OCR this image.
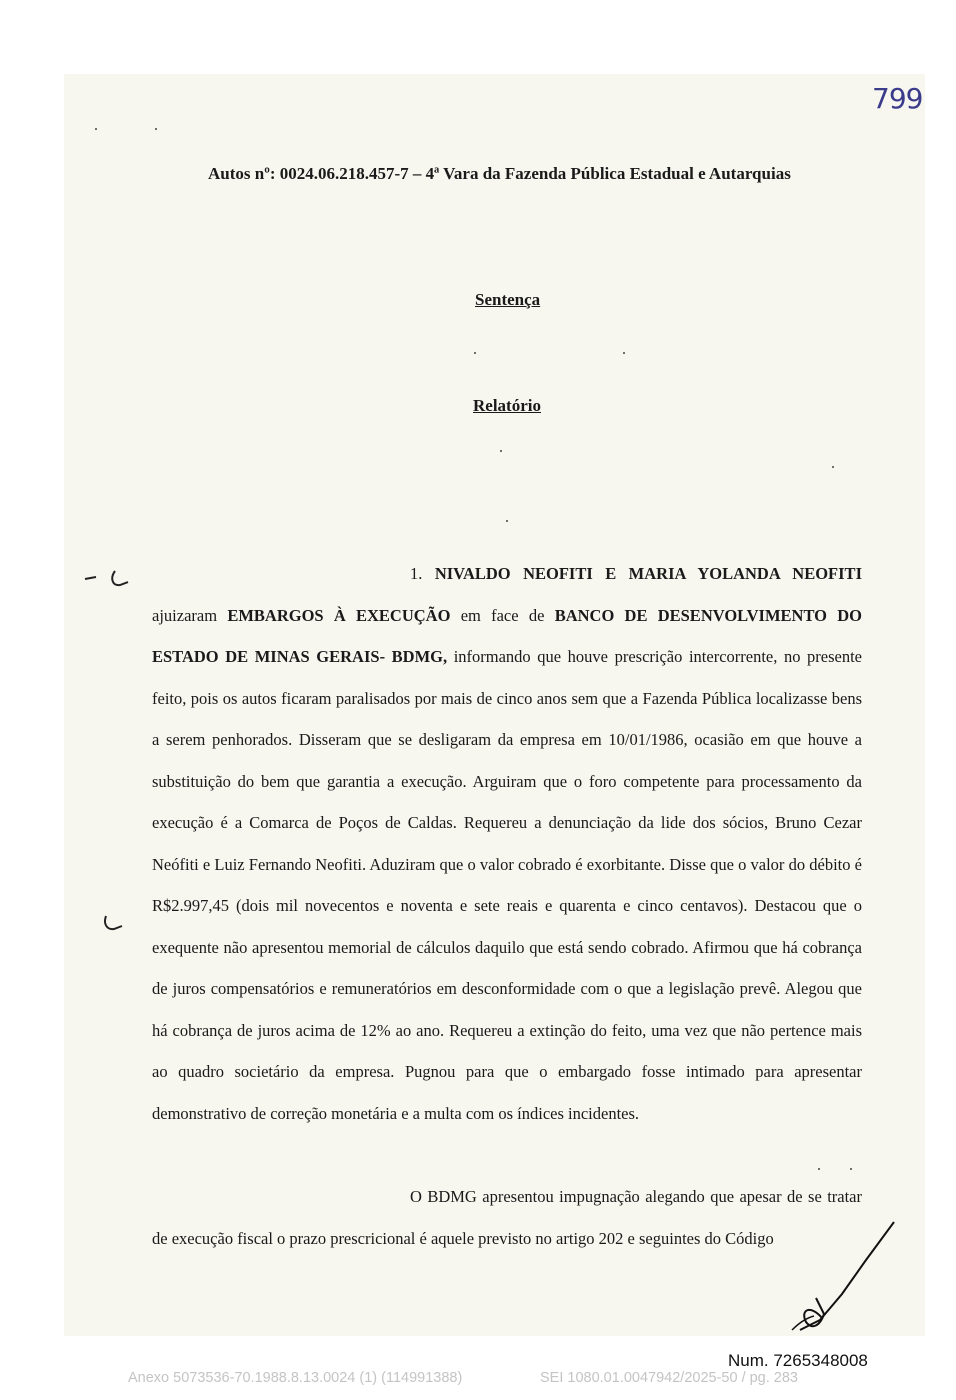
799
Autos nº: 0024.06.218.457-7 – 4ª Vara da Fazenda Pública Estadual e Autarquias
Sentença
Relatório

1. NIVALDO NEOFITI E MARIA YOLANDA NEOFITI ajuizaram EMBARGOS À EXECUÇÃO em face de BANCO DE DESENVOLVIMENTO DO ESTADO DE MINAS GERAIS- BDMG, informando que houve prescrição intercorrente, no presente feito, pois os autos ficaram paralisados por mais de cinco anos sem que a Fazenda Pública localizasse bens a serem penhorados. Disseram que se desligaram da empresa em 10/01/1986, ocasião em que houve a substituição do bem que garantia a execução. Arguiram que o foro competente para processamento da execução é a Comarca de Poços de Caldas. Requereu a denunciação da lide dos sócios, Bruno Cezar Neófiti e Luiz Fernando Neofiti. Aduziram que o valor cobrado é exorbitante. Disse que o valor do débito é R$2.997,45 (dois mil novecentos e noventa e sete reais e quarenta e cinco centavos). Destacou que o exequente não apresentou memorial de cálculos daquilo que está sendo cobrado. Afirmou que há cobrança de juros compensatórios e remuneratórios em desconformidade com o que a legislação prevê. Alegou que há cobrança de juros acima de 12% ao ano. Requereu a extinção do feito, uma vez que não pertence mais ao quadro societário da empresa. Pugnou para que o embargado fosse intimado para apresentar demonstrativo de correção monetária e a multa com os índices incidentes.

O BDMG apresentou impugnação alegando que apesar de se tratar de execução fiscal o prazo prescricional é aquele previsto no artigo 202 e seguintes do Código

Num. 7265348008
Anexo 5073536-70.1988.8.13.0024 (1) (114991388)	SEI 1080.01.0047942/2025-50 / pg. 283
